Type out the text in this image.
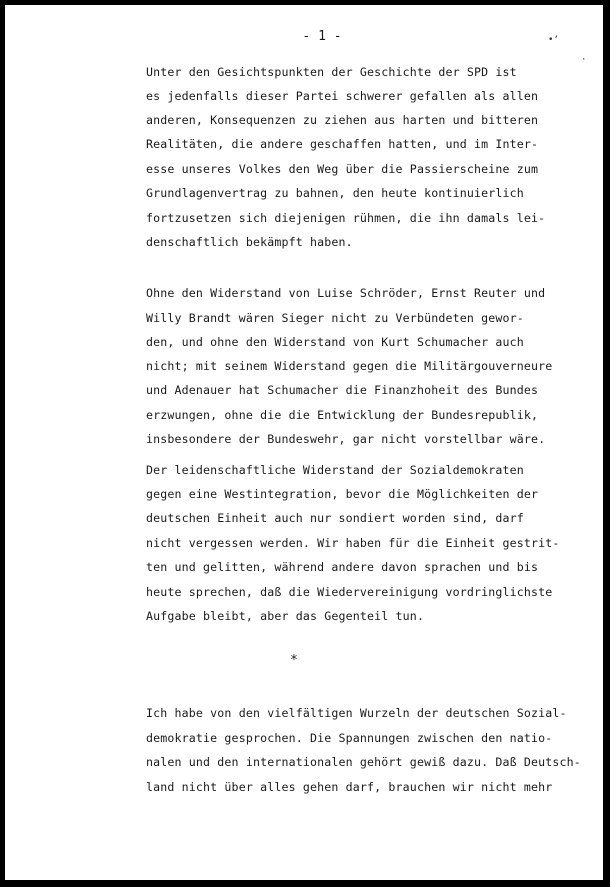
- 1 -	•ʼ
·
Unter den Gesichtspunkten der Geschichte der SPD ist
es jedenfalls dieser Partei schwerer gefallen als allen
anderen, Konsequenzen zu ziehen aus harten und bitteren
Realitäten, die andere geschaffen hatten, und im Inter-
esse unseres Volkes den Weg über die Passierscheine zum
Grundlagenvertrag zu bahnen, den heute kontinuierlich
fortzusetzen sich diejenigen rühmen, die ihn damals lei-
denschaftlich bekämpft haben.
Ohne den Widerstand von Luise Schröder, Ernst Reuter und
Willy Brandt wären Sieger nicht zu Verbündeten gewor-
den, und ohne den Widerstand von Kurt Schumacher auch
nicht; mit seinem Widerstand gegen die Militärgouverneure
und Adenauer hat Schumacher die Finanzhoheit des Bundes
erzwungen, ohne die die Entwicklung der Bundesrepublik,
insbesondere der Bundeswehr, gar nicht vorstellbar wäre.
Der leidenschaftliche Widerstand der Sozialdemokraten
gegen eine Westintegration, bevor die Möglichkeiten der
deutschen Einheit auch nur sondiert worden sind, darf
nicht vergessen werden. Wir haben für die Einheit gestrit-
ten und gelitten, während andere davon sprachen und bis
heute sprechen, daß die Wiedervereinigung vordringlichste
Aufgabe bleibt, aber das Gegenteil tun.
*
Ich habe von den vielfältigen Wurzeln der deutschen Sozial-
demokratie gesprochen. Die Spannungen zwischen den natio-
nalen und den internationalen gehört gewiß dazu. Daß Deutsch-
land nicht über alles gehen darf, brauchen wir nicht mehr
